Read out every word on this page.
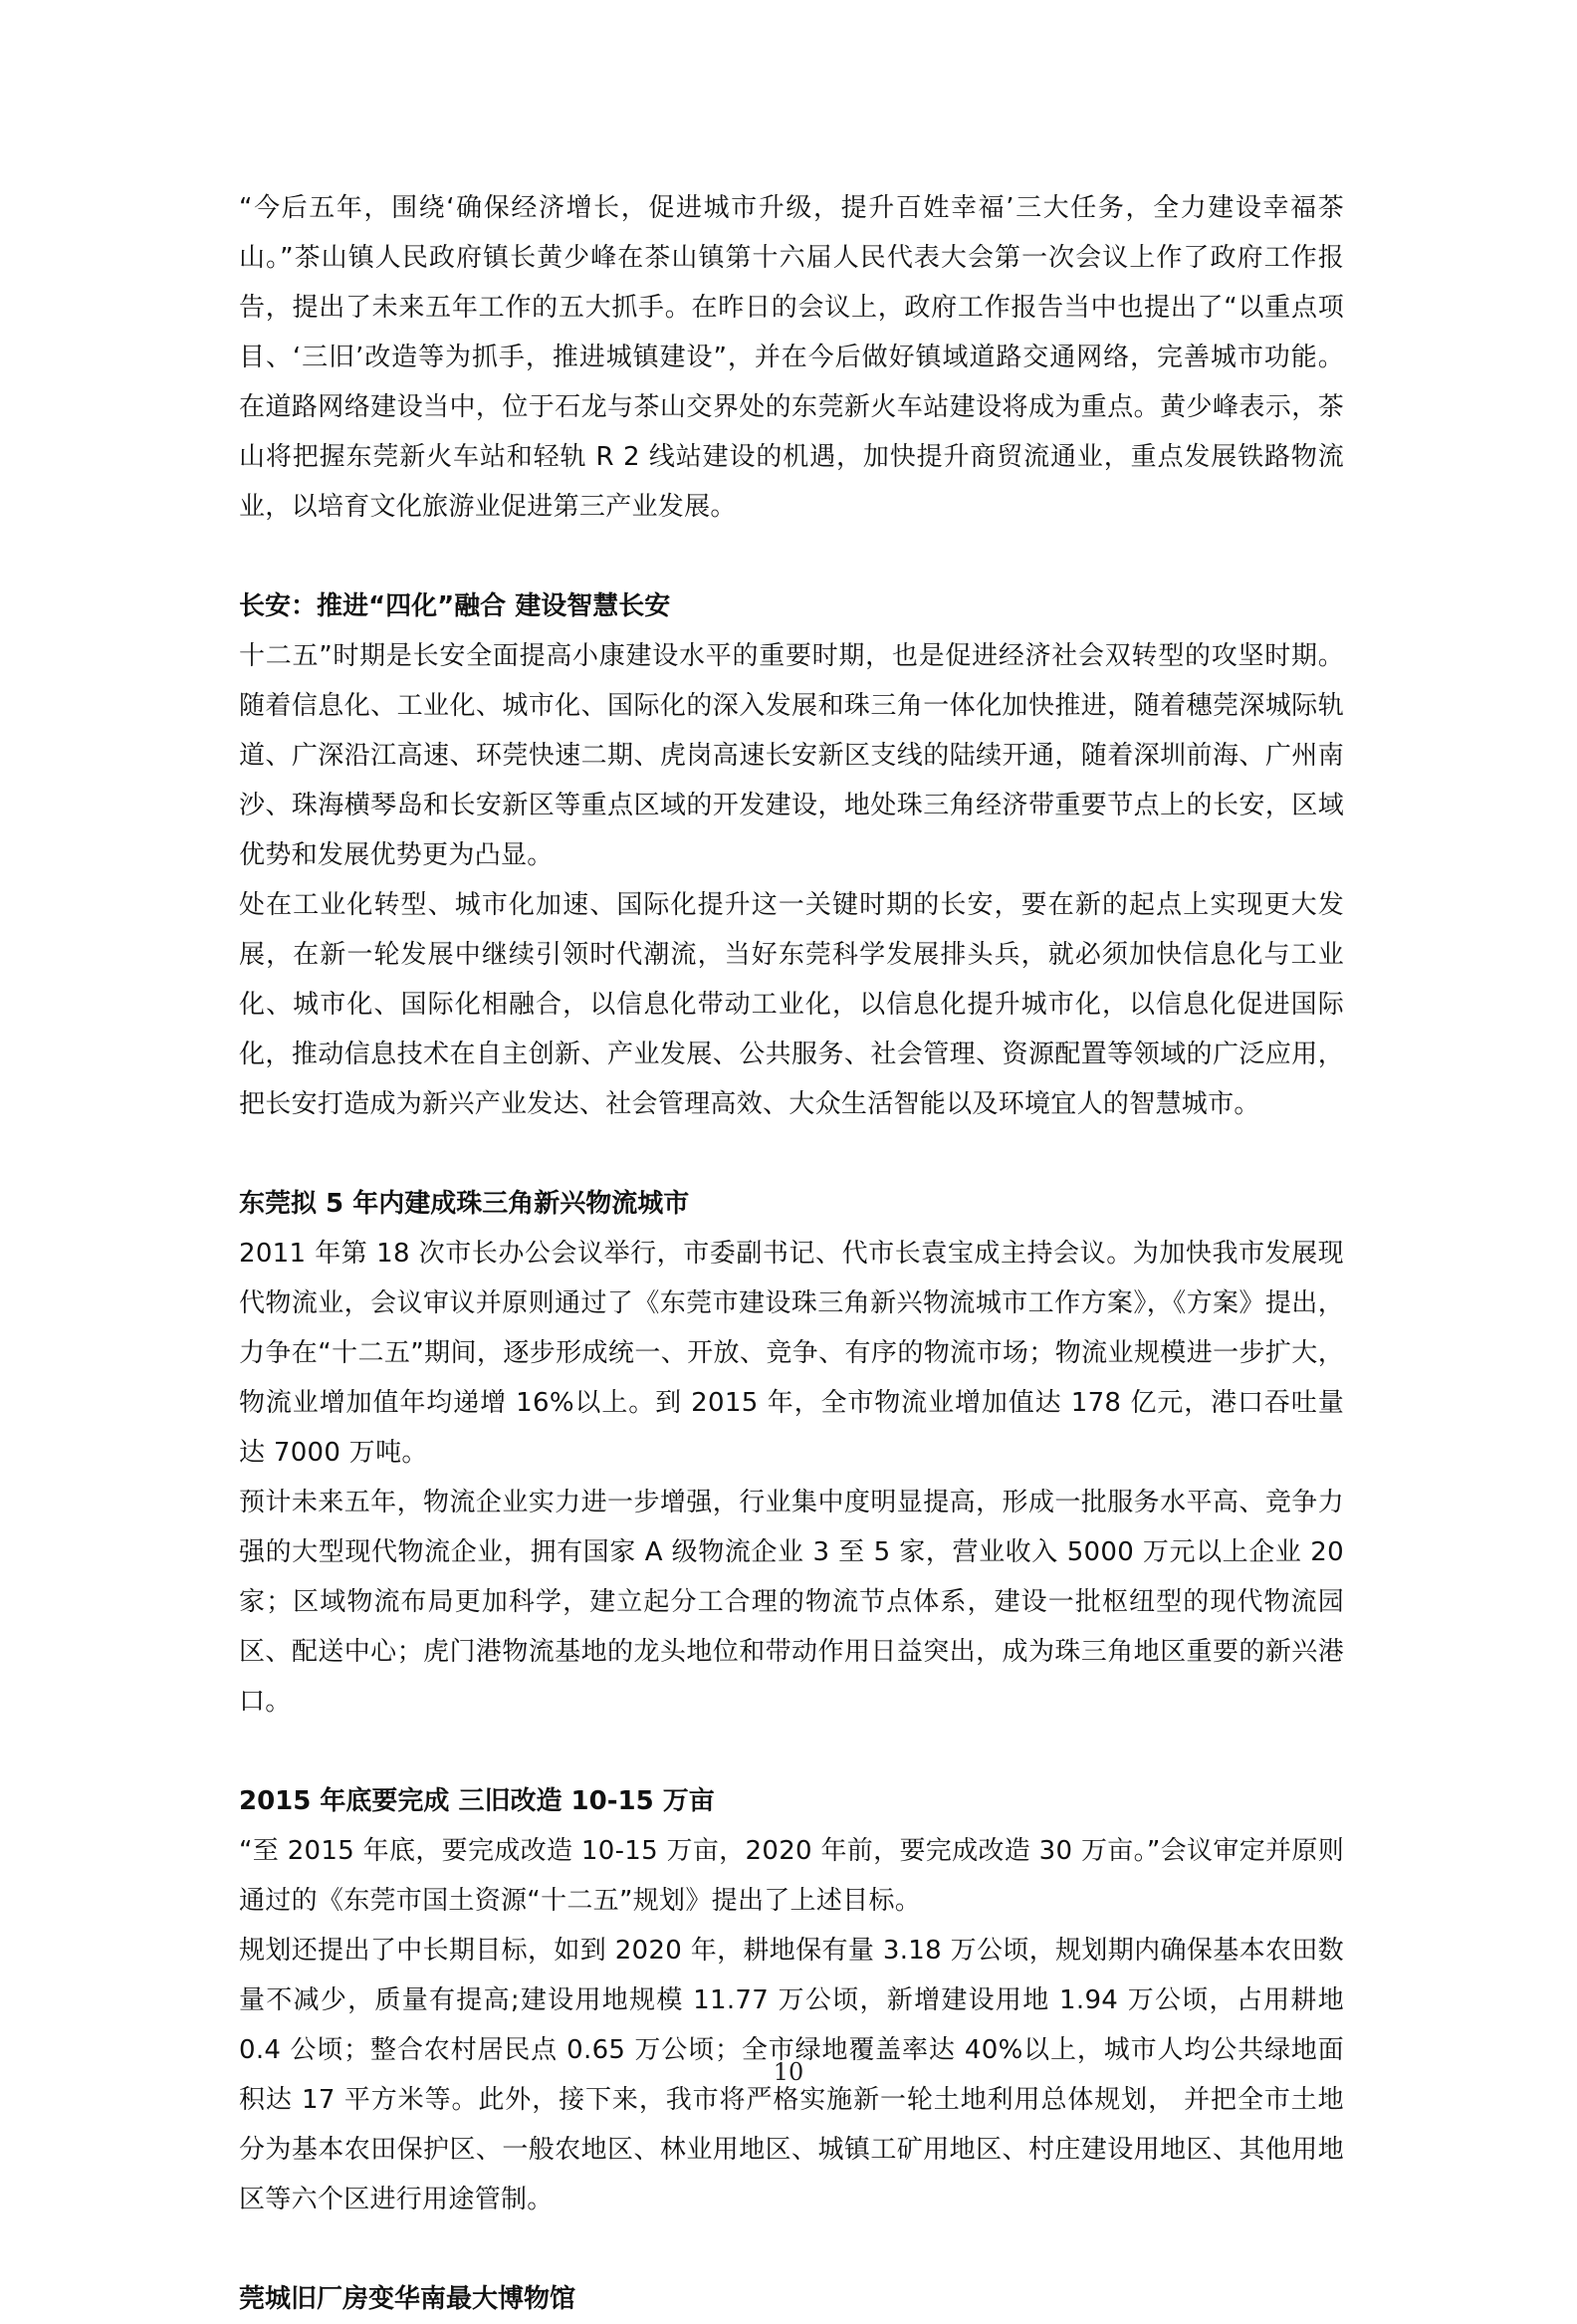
“今后五年，围绕‘确保经济增长，促进城市升级，提升百姓幸福’三大任务，全力建设幸福茶山。”茶山镇人民政府镇长黄少峰在茶山镇第十六届人民代表大会第一次会议上作了政府工作报告，提出了未来五年工作的五大抓手。在昨日的会议上，政府工作报告当中也提出了“以重点项目、‘三旧’改造等为抓手，推进城镇建设”，并在今后做好镇域道路交通网络，完善城市功能。 在道路网络建设当中，位于石龙与茶山交界处的东莞新火车站建设将成为重点。黄少峰表示，茶山将把握东莞新火车站和轻轨 R 2 线站建设的机遇，加快提升商贸流通业，重点发展铁路物流业，以培育文化旅游业促进第三产业发展。

长安：推进“四化”融合 建设智慧长安

十二五”时期是长安全面提高小康建设水平的重要时期，也是促进经济社会双转型的攻坚时期。随着信息化、工业化、城市化、国际化的深入发展和珠三角一体化加快推进，随着穗莞深城际轨道、广深沿江高速、环莞快速二期、虎岗高速长安新区支线的陆续开通，随着深圳前海、广州南沙、珠海横琴岛和长安新区等重点区域的开发建设，地处珠三角经济带重要节点上的长安，区域优势和发展优势更为凸显。

处在工业化转型、城市化加速、国际化提升这一关键时期的长安，要在新的起点上实现更大发展，在新一轮发展中继续引领时代潮流，当好东莞科学发展排头兵，就必须加快信息化与工业化、城市化、国际化相融合，以信息化带动工业化，以信息化提升城市化，以信息化促进国际化，推动信息技术在自主创新、产业发展、公共服务、社会管理、资源配置等领域的广泛应用，把长安打造成为新兴产业发达、社会管理高效、大众生活智能以及环境宜人的智慧城市。

东莞拟 5 年内建成珠三角新兴物流城市

2011 年第 18 次市长办公会议举行，市委副书记、代市长袁宝成主持会议。为加快我市发展现代物流业，会议审议并原则通过了《东莞市建设珠三角新兴物流城市工作方案》，《方案》提出，力争在“十二五”期间，逐步形成统一、开放、竞争、有序的物流市场；物流业规模进一步扩大，物流业增加值年均递增 16%以上。到 2015 年，全市物流业增加值达 178 亿元，港口吞吐量达 7000 万吨。

预计未来五年，物流企业实力进一步增强，行业集中度明显提高，形成一批服务水平高、竞争力强的大型现代物流企业，拥有国家 A 级物流企业 3 至 5 家，营业收入 5000 万元以上企业 20 家；区域物流布局更加科学，建立起分工合理的物流节点体系，建设一批枢纽型的现代物流园区、配送中心；虎门港物流基地的龙头地位和带动作用日益突出，成为珠三角地区重要的新兴港口。

2015 年底要完成 三旧改造 10-15 万亩

“至 2015 年底，要完成改造 10-15 万亩，2020 年前，要完成改造 30 万亩。”会议审定并原则通过的《东莞市国土资源“十二五”规划》提出了上述目标。

规划还提出了中长期目标，如到 2020 年，耕地保有量 3.18 万公顷，规划期内确保基本农田数量不减少，质量有提高;建设用地规模 11.77 万公顷，新增建设用地 1.94 万公顷，占用耕地 0.4 公顷；整合农村居民点 0.65 万公顷；全市绿地覆盖率达 40%以上，城市人均公共绿地面积达 17 平方米等。此外，接下来，我市将严格实施新一轮土地利用总体规划， 并把全市土地分为基本农田保护区、一般农地区、林业用地区、城镇工矿用地区、村庄建设用地区、其他用地区等六个区进行用途管制。

莞城旧厂房变华南最大博物馆

10
